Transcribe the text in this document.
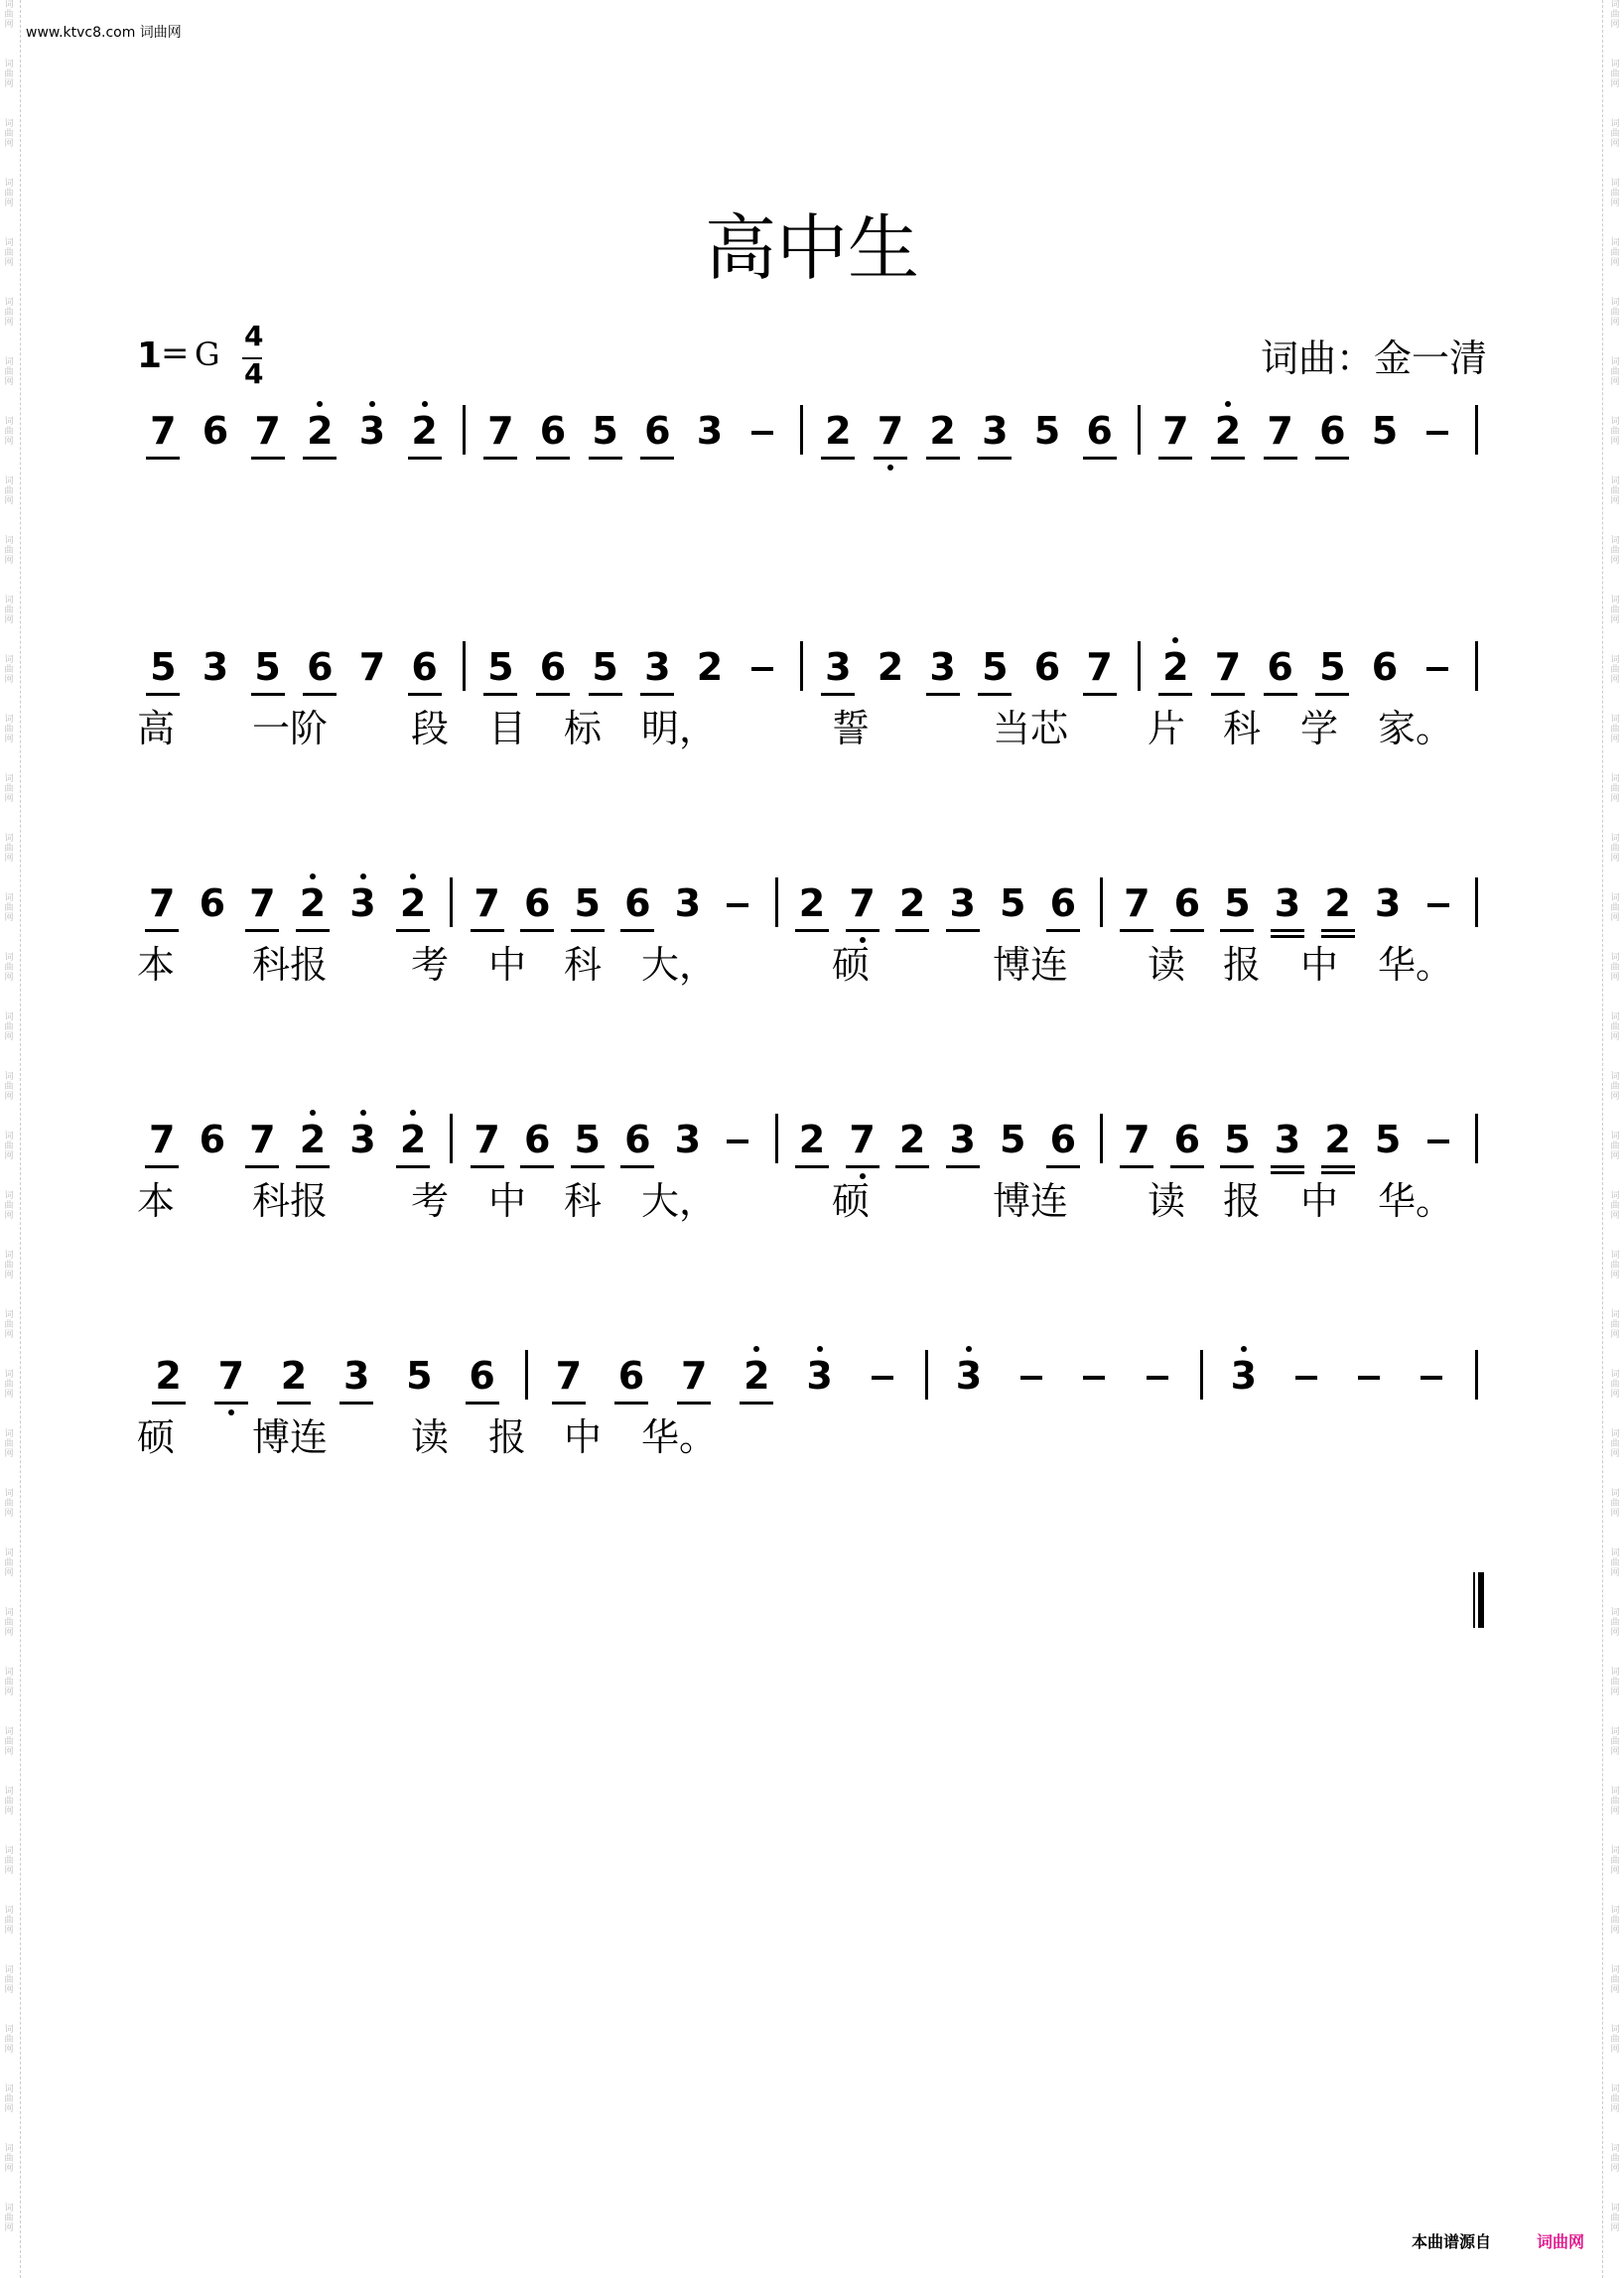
词
曲
网
词
曲
网
词
曲
网
词
曲
网
词
曲
网
词
曲
网
词
曲
网
词
曲
网
词
曲
网
词
曲
网
词
曲
网
词
曲
网
词
曲
网
词
曲
网
词
曲
网
词
曲
网
词
曲
网
词
曲
网
词
曲
网
词
曲
网
词
曲
网
词
曲
网
词
曲
网
词
曲
网
词
曲
网
词
曲
网
词
曲
网
词
曲
网
词
曲
网
词
曲
网
词
曲
网
词
曲
网
词
曲
网
词
曲
网
词
曲
网
词
曲
网
词
曲
网
词
曲
网
词
曲
网
词
曲
网
词
曲
网
词
曲
网
词
曲
网
词
曲
网
词
曲
网
词
曲
网
词
曲
网
词
曲
网
词
曲
网
词
曲
网
词
曲
网
词
曲
网
词
曲
网
词
曲
网
词
曲
网
词
曲
网
词
曲
网
词
曲
网
词
曲
网
词
曲
网
词
曲
网
词
曲
网
词
曲
网
词
曲
网
词
曲
网
词
曲
网
词
曲
网
词
曲
网
词
曲
网
词
曲
网
词
曲
网
词
曲
网
词
曲
网
词
曲
网
词
曲
网
词
曲
网
www.ktvc8.com 词曲网
高中生
1
= G 4
4	词曲：金一清
7 6 7 2 3 2 7 6 5 6 3	2 7 2 3 5 6 7 2 7 6 5
5 3 5 6 7 6 5 6 5 3 2	3 2 3 5 6 7 2 7 6 5 6
高 一阶 段 目 标 明，	誓	当芯 片 科 学 家。
7 6 7 2 3 2 7 6 5 6 3	2 7 2 3 5 6 7 6 5 3 2 3
本 科报 考 中 科 大，	硕	博连 读 报 中 华。
7 6 7 2 3 2 7 6 5 6 3	2 7 2 3 5 6 7 6 5 3 2 5
本 科报 考 中 科 大，	硕	博连 读 报 中 华。
2 7 2 3 5 6 7 6 7 2 3	3	3
硕 博连 读 报 中 华。
本曲谱源自	词曲网
